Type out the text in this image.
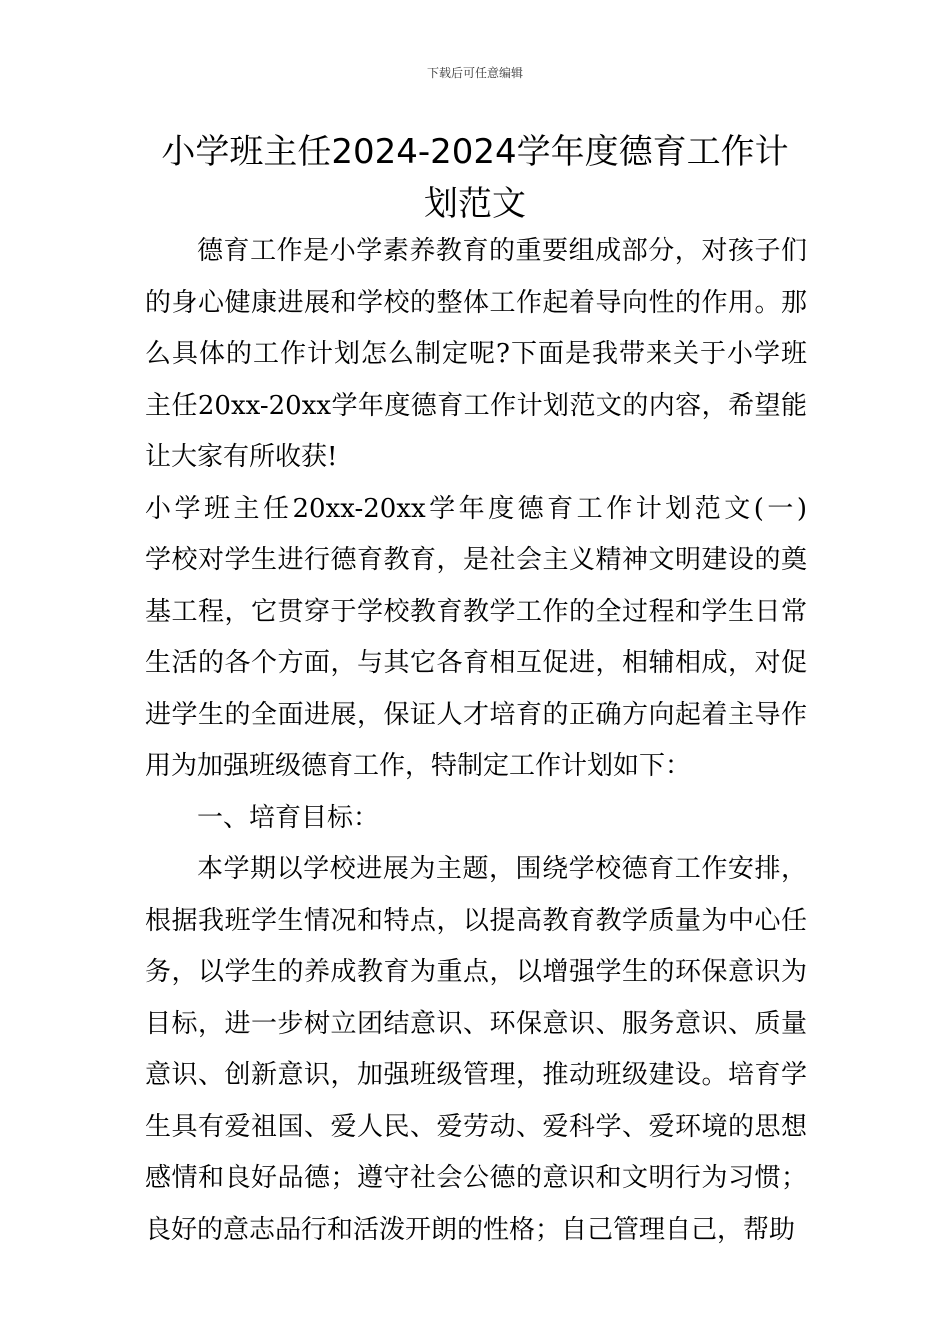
下载后可任意编辑
小学班主任2024-2024学年度德育工作计
划范文

德育工作是小学素养教育的重要组成部分，对孩子们的身心健康进展和学校的整体工作起着导向性的作用。那么具体的工作计划怎么制定呢?下面是我带来关于小学班主任20xx-20xx学年度德育工作计划范文的内容，希望能让大家有所收获!

小学班主任20xx-20xx学年度德育工作计划范文(一)　　学校对学生进行德育教育，是社会主义精神文明建设的奠基工程，它贯穿于学校教育教学工作的全过程和学生日常生活的各个方面，与其它各育相互促进，相辅相成，对促进学生的全面进展，保证人才培育的正确方向起着主导作用为加强班级德育工作，特制定工作计划如下：

一、培育目标：

本学期以学校进展为主题，围绕学校德育工作安排，根据我班学生情况和特点，以提高教育教学质量为中心任务，以学生的养成教育为重点，以增强学生的环保意识为目标，进一步树立团结意识、环保意识、服务意识、质量意识、创新意识，加强班级管理，推动班级建设。培育学生具有爱祖国、爱人民、爱劳动、爱科学、爱环境的思想感情和良好品德；遵守社会公德的意识和文明行为习惯；良好的意志品行和活泼开朗的性格；自己管理自己，帮助
